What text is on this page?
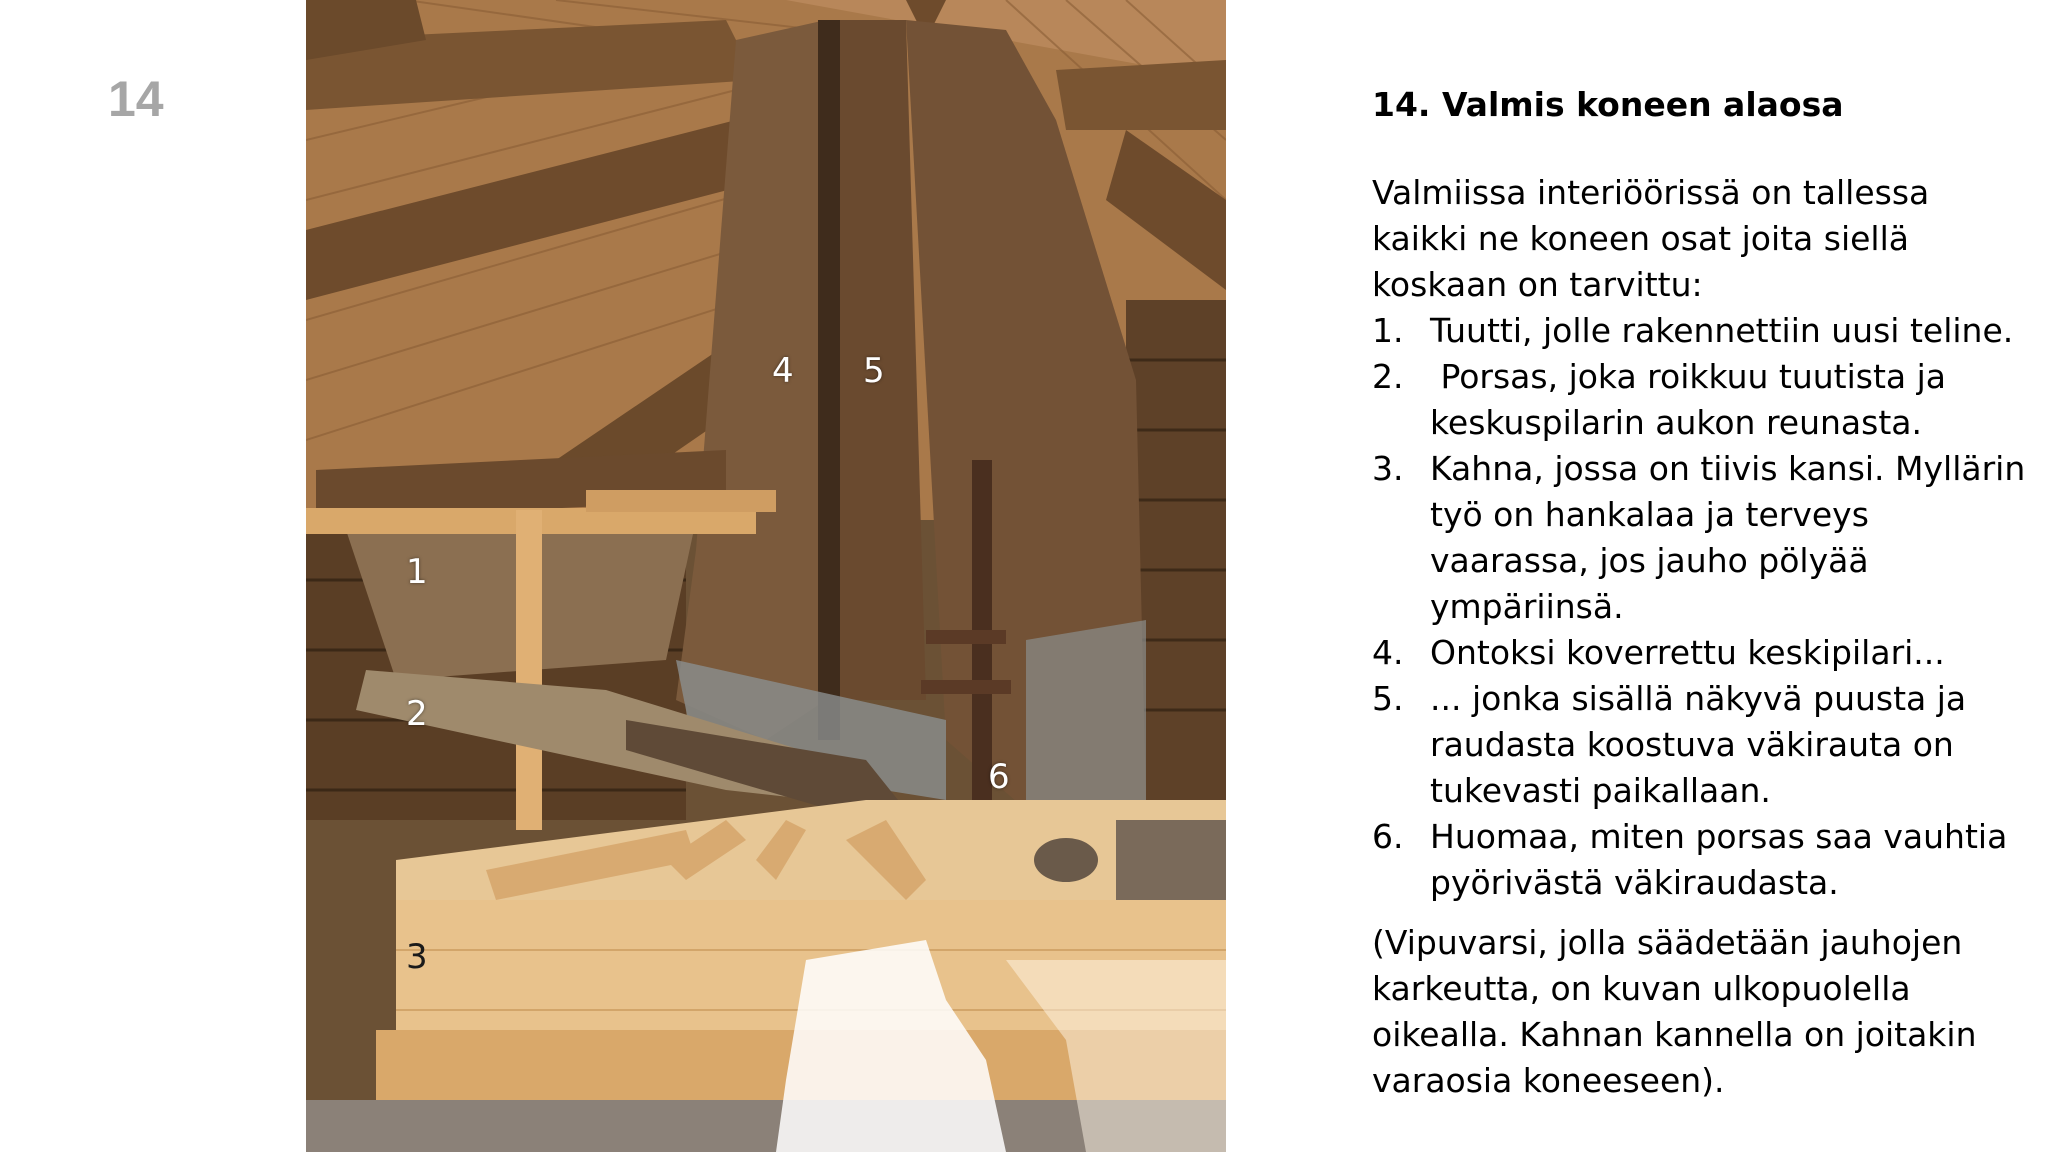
14
1
2
3
4 5
6
14. Valmis koneen alaosa

Valmiissa interiöörissä on tallessa kaikki ne koneen osat joita siellä koskaan on tarvittu:

1. Tuutti, jolle rakennettiin uusi teline.
2. Porsas, joka roikkuu tuutista ja keskuspilarin aukon reunasta.
3. Kahna, jossa on tiivis kansi. Myllärin työ on hankalaa ja terveys vaarassa, jos jauho pölyää ympäriinsä.
4. Ontoksi koverrettu keskipilari...
5. ... jonka sisällä näkyvä puusta ja raudasta koostuva väkirauta on tukevasti paikallaan.
6. Huomaa, miten porsas saa vauhtia pyörivästä väkiraudasta.

(Vipuvarsi, jolla säädetään jauhojen karkeutta, on kuvan ulkopuolella oikealla. Kahnan kannella on joitakin varaosia koneeseen).
